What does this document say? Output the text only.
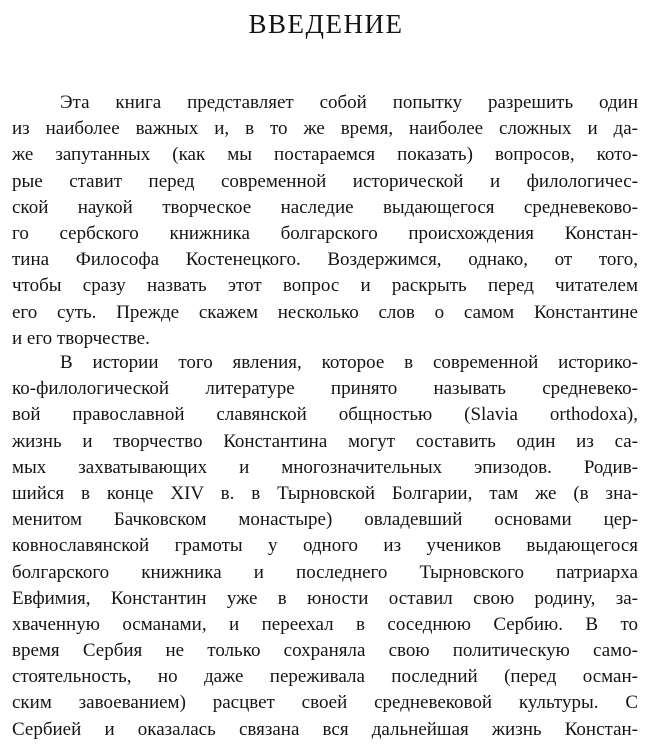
ВВЕДЕНИЕ

Эта книга представляет собой попытку разрешить один
из наиболее важных и, в то же время, наиболее сложных и да-
же запутанных (как мы постараемся показать) вопросов, кото-
рые ставит перед современной исторической и филологичес-
ской наукой творческое наследие выдающегося средневеково-
го сербского книжника болгарского происхождения Констан-
тина Философа Костенецкого. Воздержимся, однако, от того,
чтобы сразу назвать этот вопрос и раскрыть перед читателем
его суть. Прежде скажем несколько слов о самом Константине
и его творчестве.

В истории того явления, которое в современной историко-
ко-филологической литературе принято называть средневеко-
вой православной славянской общностью (Slavia orthodoxa),
жизнь и творчество Константина могут составить один из са-
мых захватывающих и многозначительных эпизодов. Родив-
шийся в конце XIV в. в Тырновской Болгарии, там же (в зна-
менитом Бачковском монастыре) овладевший основами цер-
ковнославянской грамоты у одного из учеников выдающегося
болгарского книжника и последнего Тырновского патриарха
Евфимия, Константин уже в юности оставил свою родину, за-
хваченную османами, и переехал в соседнюю Сербию. В то
время Сербия не только сохраняла свою политическую само-
стоятельность, но даже переживала последний (перед осман-
ским завоеванием) расцвет своей средневековой культуры. С
Сербией и оказалась связана вся дальнейшая жизнь Констан-
